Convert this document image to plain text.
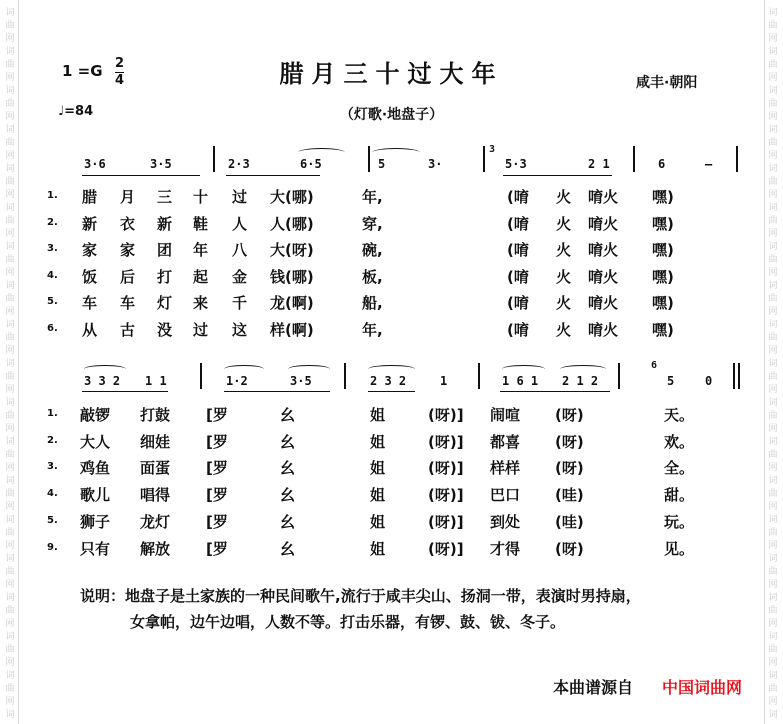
词
曲
网
词
曲
网
词
曲
网
词
曲
网
词
曲
网
词
曲
网
词
曲
网
词
曲
网
词
曲
网
词
曲
网
词
曲
网
词
曲
网
词
曲
网
词
曲
网
词
曲
网
词
曲
网
词
曲
网
词
曲
网
词
词
曲
网
词
曲
网
词
曲
网
词
曲
网
词
曲
网
词
曲
网
词
曲
网
词
曲
网
词
曲
网
词
曲
网
词
曲
网
词
曲
网
词
曲
网
词
曲
网
词
曲
网
词
曲
网
词
曲
网
词
曲
网
词
$1 =G \frac{2}{4}$	腊月三十过大年	咸丰·朝阳
♩=84	（灯歌·地盘子）
3·6	3·5	2·3	6·5	5	3·
3
5·3	2 1	6	—
1. 腊 月 三 十 过 大(哪)	年,	(唷 火 唷火 嘿)
2. 新 衣 新 鞋 人 人(哪)	穿,	(唷 火 唷火 嘿)
3. 家 家 团 年 八 大(呀)	碗,	(唷 火 唷火 嘿)
4. 饭 后 打 起 金 钱(哪)	板,	(唷 火 唷火 嘿)
5. 车 车 灯 来 千 龙(啊)	船,	(唷 火 唷火 嘿)
6. 从 古 没 过 这 样(啊)	年,	(唷 火 唷火 嘿)
3 3 2 1 1	1·2	3·5	2 3 2	1	1 6 1 2 1 2
6
5	0
1. 敲锣 打鼓 [罗	幺	姐	(呀)] 闹喧 (呀)	天。
2. 大人 细娃 [罗	幺	姐	(呀)] 都喜 (呀)	欢。
3. 鸡鱼 面蛋 [罗	幺	姐	(呀)] 样样 (呀)	全。
4. 歌儿 唱得 [罗	幺	姐	(呀)] 巴口 (哇)	甜。
5. 狮子 龙灯 [罗	幺	姐	(呀)] 到处 (哇)	玩。
9. 只有 解放 [罗	幺	姐	(呀)] 才得 (呀)	见。
说明：地盘子是土家族的一种民间歌午,流行于咸丰尖山、扬洞一带，表演时男持扇，
女拿帕，边午边唱，人数不等。打击乐器，有锣、鼓、钹、冬子。
本曲谱源自 中国词曲网
